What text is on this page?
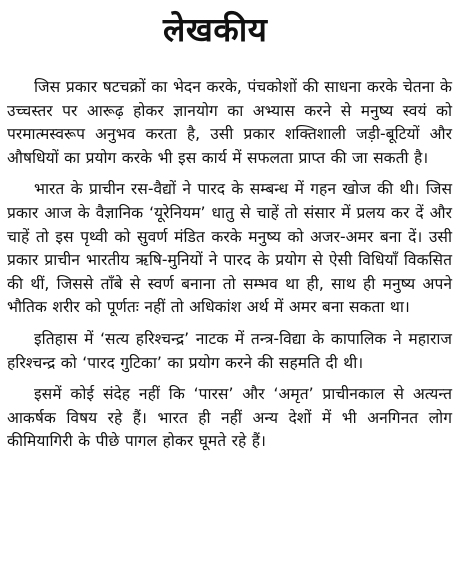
लेखकीय

जिस प्रकार षटचक्रों का भेदन करके, पंचकोशों की साधना करके चेतना के उच्चस्तर पर आरूढ़ होकर ज्ञानयोग का अभ्यास करने से मनुष्य स्वयं को परमात्मस्वरूप अनुभव करता है, उसी प्रकार शक्तिशाली जड़ी-बूटियों और औषधियों का प्रयोग करके भी इस कार्य में सफलता प्राप्त की जा सकती है।

भारत के प्राचीन रस-वैद्यों ने पारद के सम्बन्ध में गहन खोज की थी। जिस प्रकार आज के वैज्ञानिक ‘यूरेनियम’ धातु से चाहें तो संसार में प्रलय कर दें और चाहें तो इस पृथ्वी को सुवर्ण मंडित करके मनुष्य को अजर-अमर बना दें। उसी प्रकार प्राचीन भारतीय ऋषि-मुनियों ने पारद के प्रयोग से ऐसी विधियाँ विकसित की थीं, जिससे ताँबे से स्वर्ण बनाना तो सम्भव था ही, साथ ही मनुष्य अपने भौतिक शरीर को पूर्णतः नहीं तो अधिकांश अर्थ में अमर बना सकता था।

इतिहास में ‘सत्य हरिश्चन्द्र’ नाटक में तन्त्र-विद्या के कापालिक ने महाराज हरिश्चन्द्र को ‘पारद गुटिका’ का प्रयोग करने की सहमति दी थी।

इसमें कोई संदेह नहीं कि ‘पारस’ और ‘अमृत’ प्राचीनकाल से अत्यन्त आकर्षक विषय रहे हैं। भारत ही नहीं अन्य देशों में भी अनगिनत लोग कीमियागिरी के पीछे पागल होकर घूमते रहे हैं।
